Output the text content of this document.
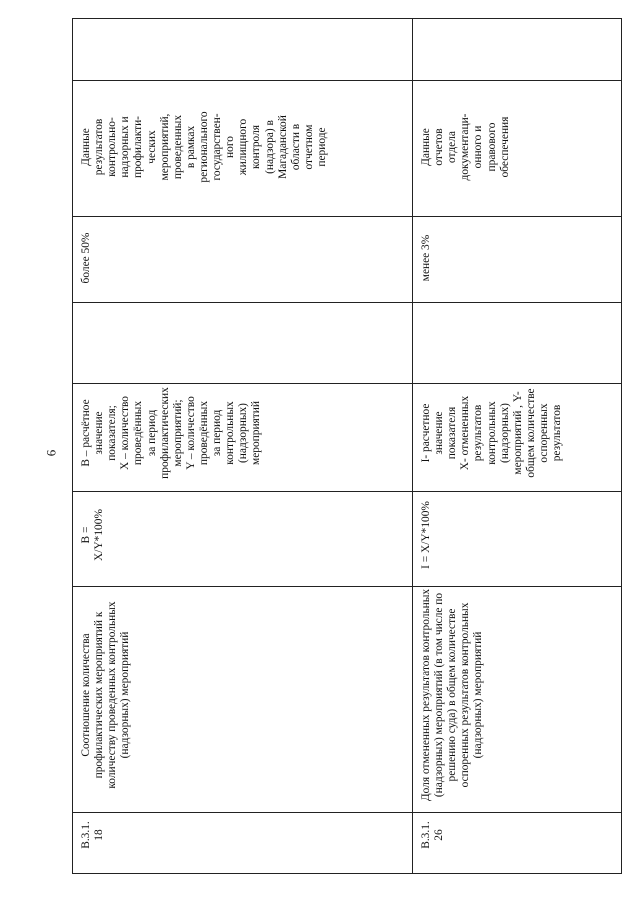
6
В.3.1.
18
Соотношение количества профилактических мероприятий к количеству проведенных контрольных (надзорных) мероприятий
В =
X/Y*100%
В – расчётное
значение
показателя;
Х – количество
проведённых
за период
профилактических
мероприятий;
Y – количество
проведённых
за период
контрольных
(надзорных)
мероприятий
более 50%
Данные
результатов
контрольно-
надзорных и
профилакти-
ческих
мероприятий,
проведенных
в рамках
регионального
государствен-
ного
жилищного
контроля
(надзора) в
Магаданской
области в
отчетном
периоде
В.3.1.
26
Доля отмененных результатов контрольных (надзорных) мероприятий (в том числе по решению суда) в общем количестве оспоренных результатов контрольных (надзорных) мероприятий
I = X/Y*100%
I- расчетное
значение
показателя
X- отмененных
результатов
контрольных
(надзорных)
мероприятий , Y-
общем количестве
оспоренных
результатов
менее 3%
Данные
отчетов
отдела
документаци-
онного и
правового
обеспечения
